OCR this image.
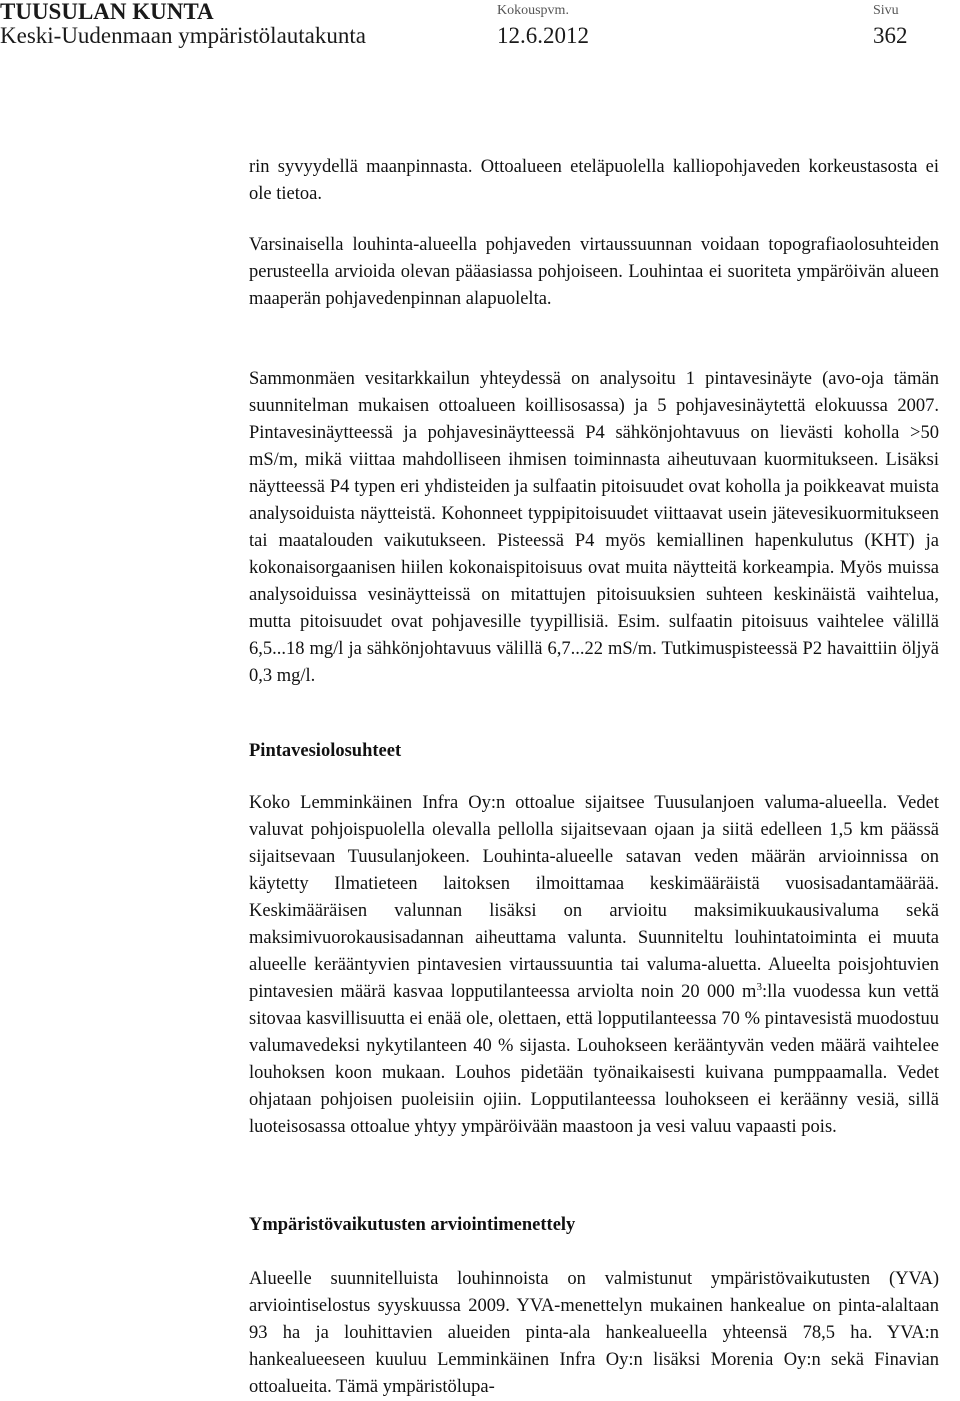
TUUSULAN KUNTA
Keski-Uudenmaan ympäristölautakunta
Kokouspvm.
12.6.2012
Sivu
362

rin syvyydellä maanpinnasta. Ottoalueen eteläpuolella kalliopohjaveden korkeustasosta ei ole tietoa.

Varsinaisella louhinta-alueella pohjaveden virtaussuunnan voidaan topografiaolosuhteiden perusteella arvioida olevan pääasiassa pohjoiseen. Louhintaa ei suoriteta ympäröivän alueen maaperän pohjavedenpinnan alapuolelta.

Sammonmäen vesitarkkailun yhteydessä on analysoitu 1 pintavesinäyte (avo-oja tämän suunnitelman mukaisen ottoalueen koillisosassa) ja 5 pohjavesinäytettä elokuussa 2007. Pintavesinäytteessä ja pohjavesinäytteessä P4 sähkönjohtavuus on lievästi koholla >50 mS/m, mikä viittaa mahdolliseen ihmisen toiminnasta aiheutuvaan kuormitukseen. Lisäksi näytteessä P4 typen eri yhdisteiden ja sulfaatin pitoisuudet ovat koholla ja poikkeavat muista analysoiduista näytteistä. Kohonneet typpipitoisuudet viittaavat usein jätevesikuormitukseen tai maatalouden vaikutukseen. Pisteessä P4 myös kemiallinen hapenkulutus (KHT) ja kokonaisorgaanisen hiilen kokonaispitoisuus ovat muita näytteitä korkeampia. Myös muissa analysoiduissa vesinäytteissä on mitattujen pitoisuuksien suhteen keskinäistä vaihtelua, mutta pitoisuudet ovat pohjavesille tyypillisiä. Esim. sulfaatin pitoisuus vaihtelee välillä 6,5...18 mg/l ja sähkönjohtavuus välillä 6,7...22 mS/m. Tutkimuspisteessä P2 havaittiin öljyä 0,3 mg/l.

Pintavesiolosuhteet

Koko Lemminkäinen Infra Oy:n ottoalue sijaitsee Tuusulanjoen valuma-alueella. Vedet valuvat pohjoispuolella olevalla pellolla sijaitsevaan ojaan ja siitä edelleen 1,5 km päässä sijaitsevaan Tuusulanjokeen. Louhinta-alueelle satavan veden määrän arvioinnissa on käytetty Ilmatieteen laitoksen ilmoittamaa keskimääräistä vuosisadantamäärää. Keskimääräisen valunnan lisäksi on arvioitu maksimikuukausivaluma sekä maksimivuorokausisadannan aiheuttama valunta. Suunniteltu louhintatoiminta ei muuta alueelle kerääntyvien pintavesien virtaussuuntia tai valuma-aluetta. Alueelta poisjohtuvien pintavesien määrä kasvaa lopputilanteessa arviolta noin 20 000 $m^3:lla$ vuodessa kun vettä sitovaa kasvillisuutta ei enää ole, olettaen, että lopputilanteessa 70 % pintavesistä muodostuu valumavedeksi nykytilanteen 40 % sijasta. Louhokseen kerääntyvän veden määrä vaihtelee louhoksen koon mukaan. Louhos pidetään työnaikaisesti kuivana pumppaamalla. Vedet ohjataan pohjoisen puoleisiin ojiin. Lopputilanteessa louhokseen ei keräänny vesiä, sillä luoteisosassa ottoalue yhtyy ympäröivään maastoon ja vesi valuu vapaasti pois.

Ympäristövaikutusten arviointimenettely

Alueelle suunnitelluista louhinnoista on valmistunut ympäristövaikutusten (YVA) arviointiselostus syyskuussa 2009. YVA-menettelyn mukainen hankealue on pinta-alaltaan 93 ha ja louhittavien alueiden pinta-ala hankealueella yhteensä 78,5 ha. YVA:n hankealueeseen kuuluu Lemminkäinen Infra Oy:n lisäksi Morenia Oy:n sekä Finavian ottoalueita. Tämä ympäristölupa-
